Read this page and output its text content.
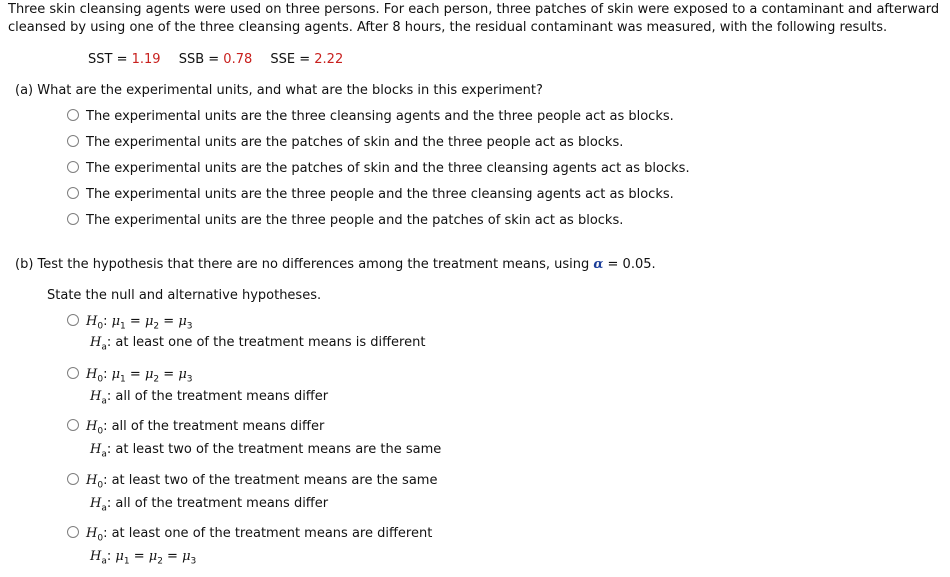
Three skin cleansing agents were used on three persons. For each person, three patches of skin were exposed to a contaminant and afterward
cleansed by using one of the three cleansing agents. After 8 hours, the residual contaminant was measured, with the following results.
SST = 1.19 SSB = 0.78 SSE = 2.22
(a) What are the experimental units, and what are the blocks in this experiment?
The experimental units are the three cleansing agents and the three people act as blocks.
The experimental units are the patches of skin and the three people act as blocks.
The experimental units are the patches of skin and the three cleansing agents act as blocks.
The experimental units are the three people and the three cleansing agents act as blocks.
The experimental units are the three people and the patches of skin act as blocks.
(b) Test the hypothesis that there are no differences among the treatment means, using α = 0.05.
State the null and alternative hypotheses.
$H_0$: $\mu_1 = \mu_2 = \mu_3$
$H_a$: at least one of the treatment means is different
$H_0$: $\mu_1 = \mu_2 = \mu_3$
$H_a$: all of the treatment means differ
$H_0$: all of the treatment means differ
$H_a$: at least two of the treatment means are the same
$H_0$: at least two of the treatment means are the same
$H_a$: all of the treatment means differ
$H_0$: at least one of the treatment means are different
$H_a$: $\mu_1 = \mu_2 = \mu_3$
